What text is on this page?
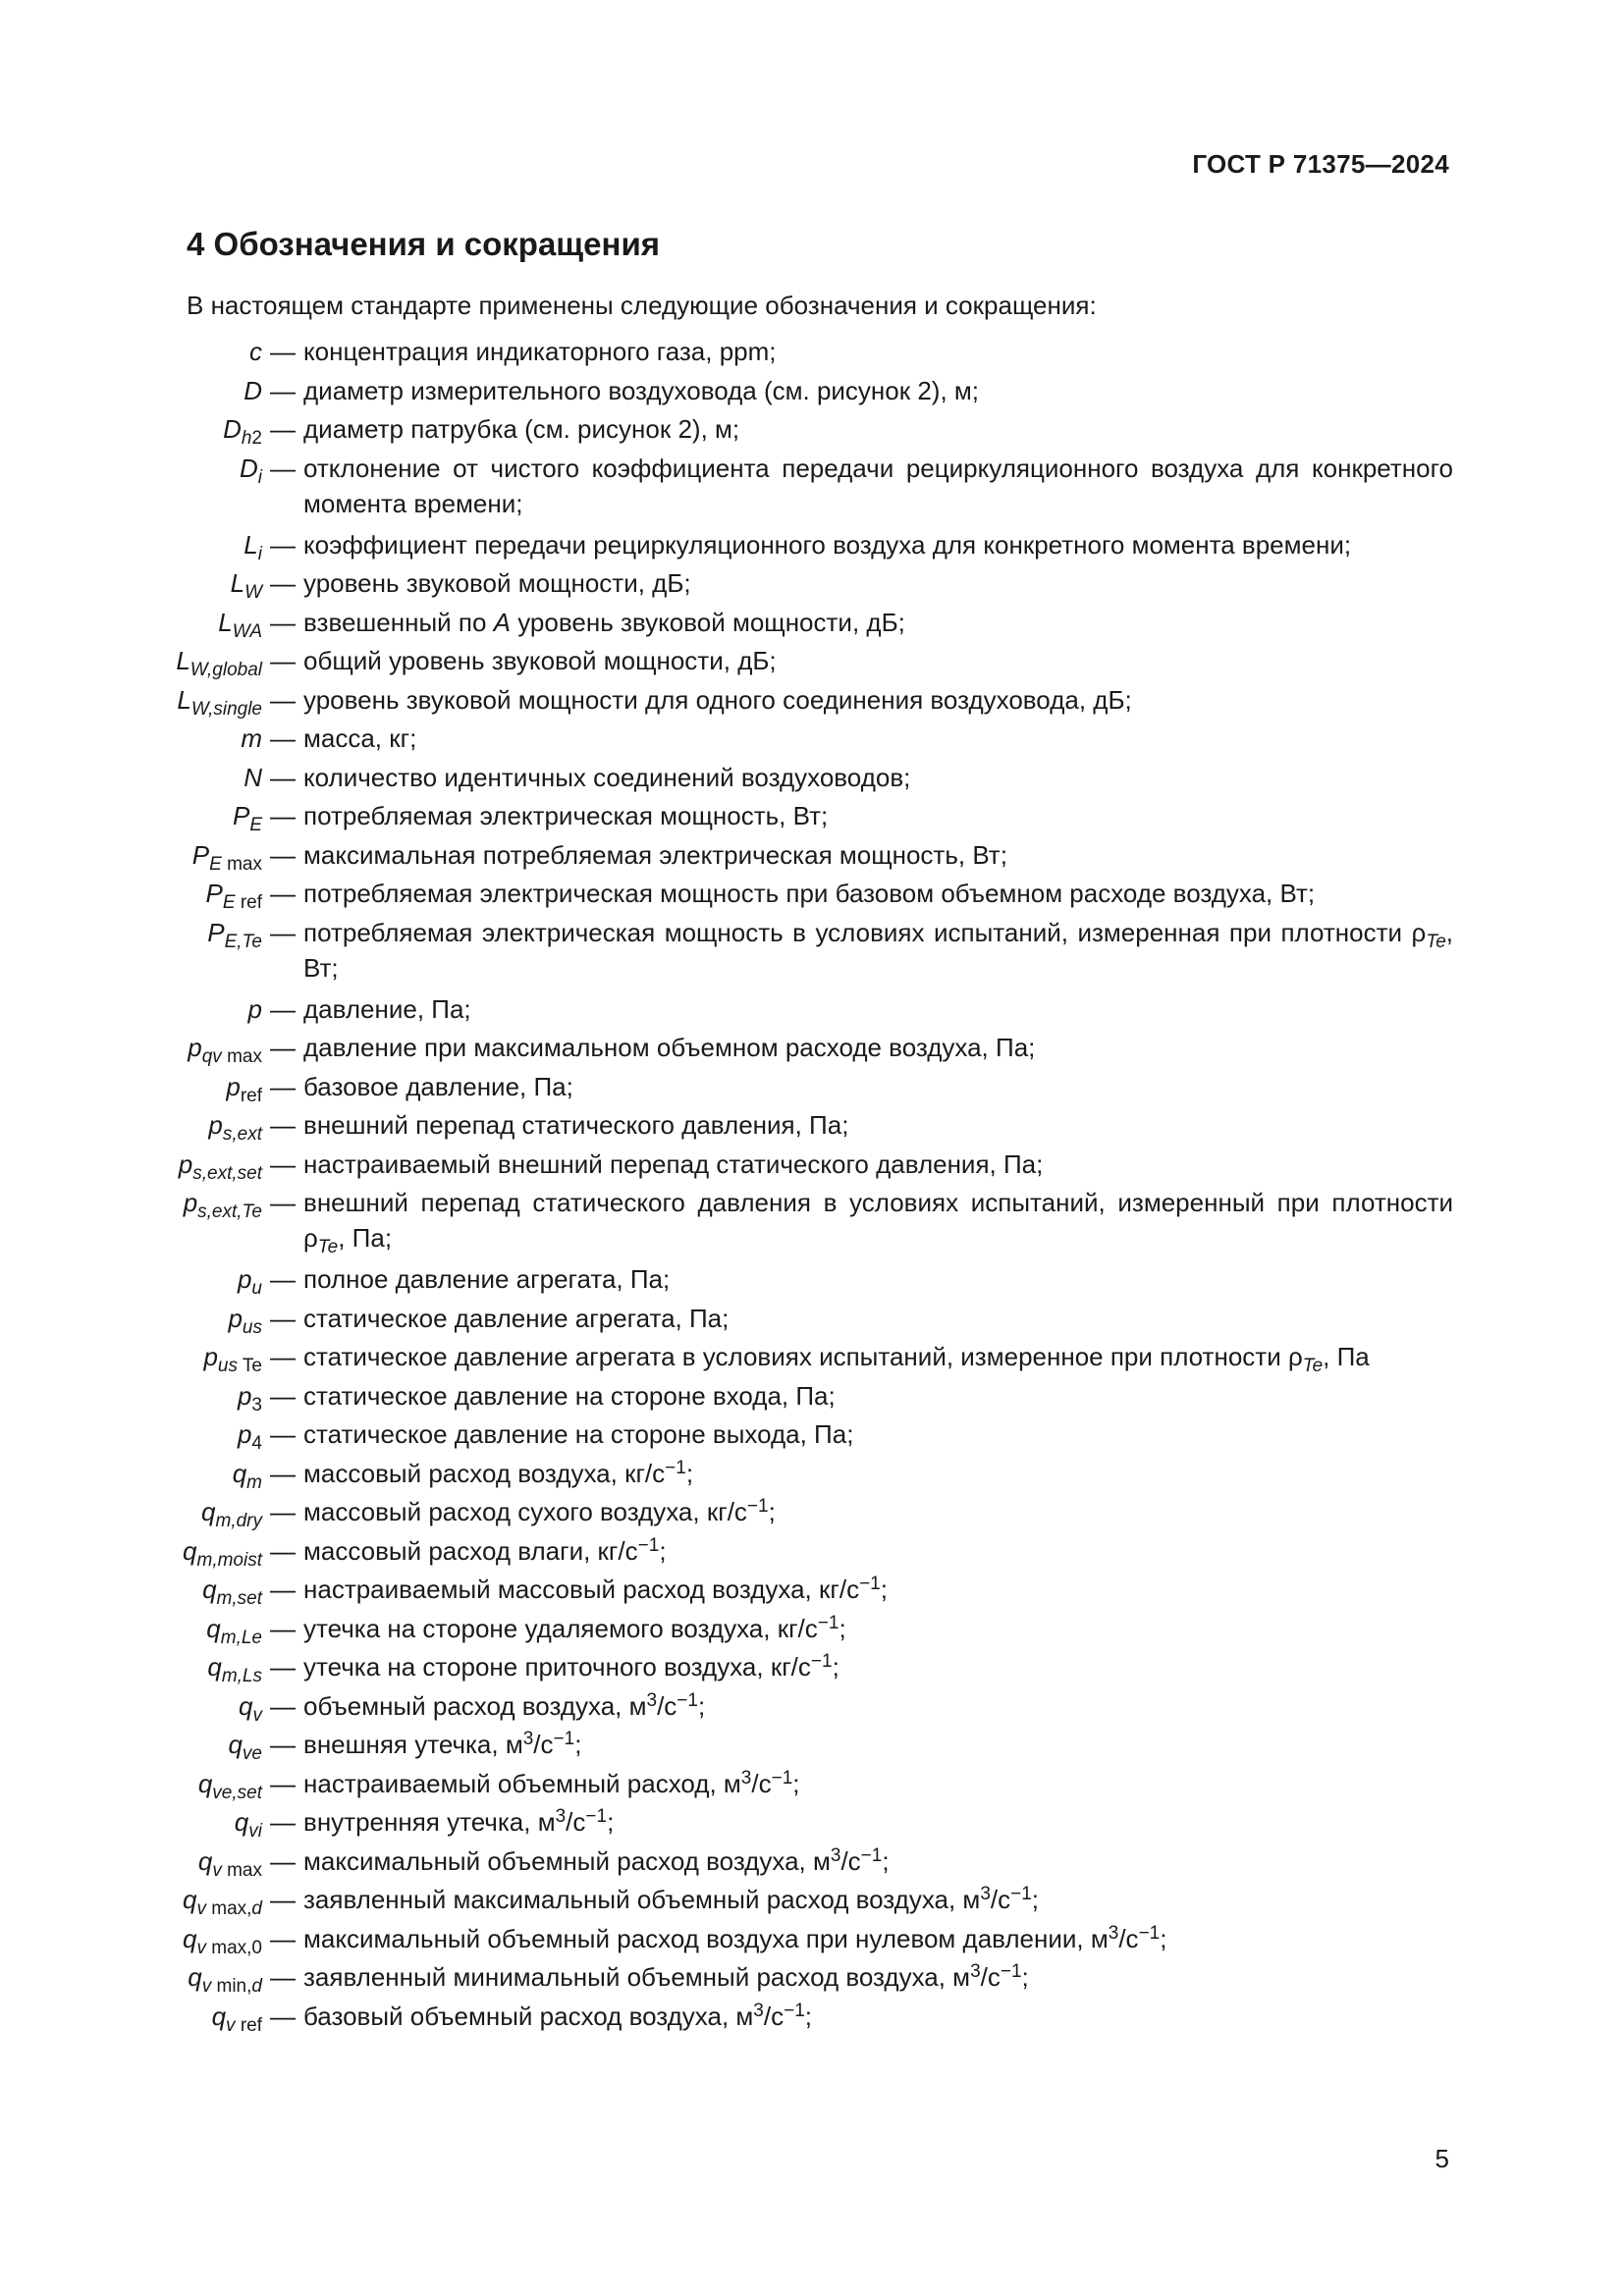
ГОСТ Р 71375—2024
4 Обозначения и сокращения

В настоящем стандарте применены следующие обозначения и сокращения:

c — концентрация индикаторного газа, ppm;
D — диаметр измерительного воздуховода (см. рисунок 2), м;
$D_{h2}$ — диаметр патрубка (см. рисунок 2), м;
$D_i$ — отклонение от чистого коэффициента передачи рециркуляционного воздуха для конкретного момента времени;
$L_i$ — коэффициент передачи рециркуляционного воздуха для конкретного момента времени;
$L_W$ — уровень звуковой мощности, дБ;
$L_{WA}$ — взвешенный по A уровень звуковой мощности, дБ;
$L_{W,global}$ — общий уровень звуковой мощности, дБ;
$L_{W,single}$ — уровень звуковой мощности для одного соединения воздуховода, дБ;
m — масса, кг;
N — количество идентичных соединений воздуховодов;
$P_E$ — потребляемая электрическая мощность, Вт;
$P_{E max}$ — максимальная потребляемая электрическая мощность, Вт;
$P_{E ref}$ — потребляемая электрическая мощность при базовом объемном расходе воздуха, Вт;
$P_{E,Te}$ — потребляемая электрическая мощность в условиях испытаний, измеренная при плотности $\rho_{Te}$, Вт;
p — давление, Па;
$p_{qv max}$ — давление при максимальном объемном расходе воздуха, Па;
$p_{ref}$ — базовое давление, Па;
$p_{s,ext}$ — внешний перепад статического давления, Па;
$p_{s,ext,set}$ — настраиваемый внешний перепад статического давления, Па;
$p_{s,ext,Te}$ — внешний перепад статического давления в условиях испытаний, измеренный при плотности $\rho_{Te}$, Па;
$p_u$ — полное давление агрегата, Па;
$p_{us}$ — статическое давление агрегата, Па;
$p_{us Te}$ — статическое давление агрегата в условиях испытаний, измеренное при плотности $\rho_{Te}$, Па
$p_3$ — статическое давление на стороне входа, Па;
$p_4$ — статическое давление на стороне выхода, Па;
$q_m$ — массовый расход воздуха, $кг/с^{-1}$;
$q_{m,dry}$ — массовый расход сухого воздуха, $кг/с^{-1}$;
$q_{m,moist}$ — массовый расход влаги, $кг/с^{-1}$;
$q_{m,set}$ — настраиваемый массовый расход воздуха, $кг/с^{-1}$;
$q_{m,Le}$ — утечка на стороне удаляемого воздуха, $кг/с^{-1}$;
$q_{m,Ls}$ — утечка на стороне приточного воздуха, $кг/с^{-1}$;
$q_v$ — объемный расход воздуха, $м^3/с^{-1}$;
$q_{ve}$ — внешняя утечка, $м^3/с^{-1}$;
$q_{ve,set}$ — настраиваемый объемный расход, $м^3/с^{-1}$;
$q_{vi}$ — внутренняя утечка, $м^3/с^{-1}$;
$q_{v max}$ — максимальный объемный расход воздуха, $м^3/с^{-1}$;
$q_{v max,d}$ — заявленный максимальный объемный расход воздуха, $м^3/с^{-1}$;
$q_{v max,0}$ — максимальный объемный расход воздуха при нулевом давлении, $м^3/с^{-1}$;
$q_{v min,d}$ — заявленный минимальный объемный расход воздуха, $м^3/с^{-1}$;
$q_{v ref}$ — базовый объемный расход воздуха, $м^3/с^{-1}$;
5
